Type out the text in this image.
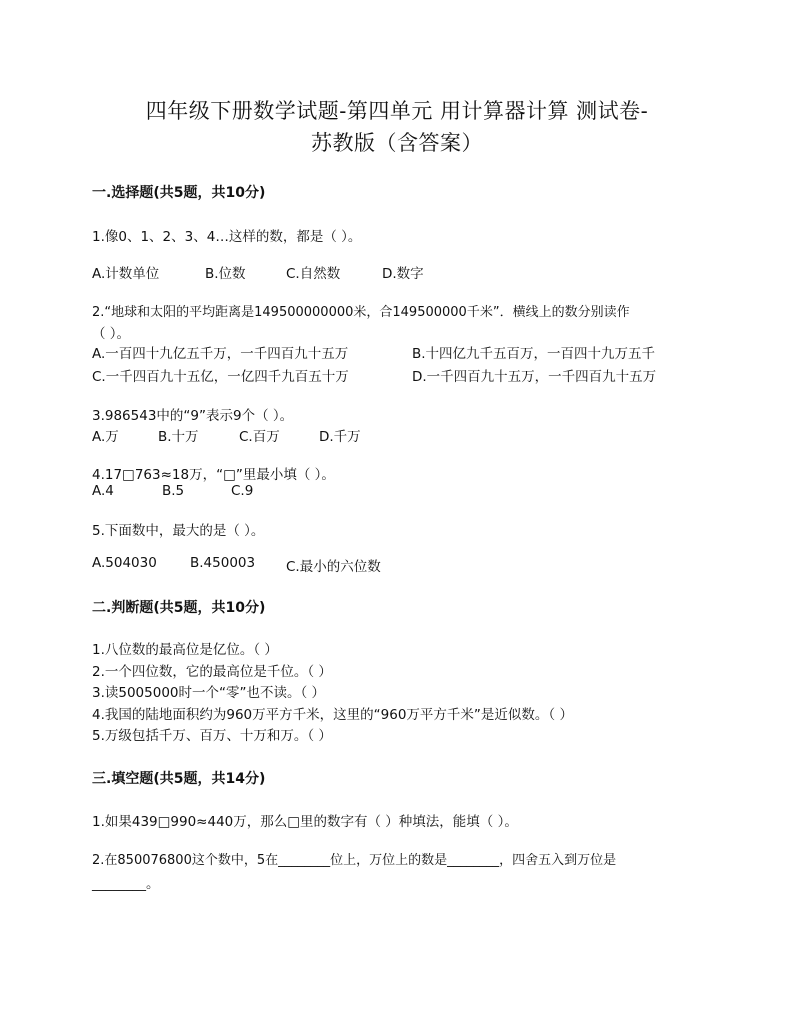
四年级下册数学试题-第四单元 用计算器计算 测试卷-
苏教版（含答案）
一.选择题(共5题，共10分)
1.像0、1、2、3、4…这样的数，都是（ ）。
A.计数单位	B.位数	C.自然数	D.数字
2.“地球和太阳的平均距离是149500000000米，合149500000千米”．横线上的数分别读作
（ ）。
A.一百四十九亿五千万，一千四百九十五万	B.十四亿九千五百万，一百四十九万五千
C.一千四百九十五亿，一亿四千九百五十万	D.一千四百九十五万，一千四百九十五万
3.986543中的“9”表示9个（ ）。
A.万	B.十万	C.百万	D.千万
4.17□763≈18万，“□”里最小填（ ）。
A.4	B.5	C.9
5.下面数中，最大的是（ ）。
A.504030 B.450003 C.最小的六位数
二.判断题(共5题，共10分)
1.八位数的最高位是亿位。（ ）
2.一个四位数，它的最高位是千位。（ ）
3.读5005000时一个“零”也不读。（ ）
4.我国的陆地面积约为960万平方千米，这里的“960万平方千米”是近似数。（ ）
5.万级包括千万、百万、十万和万。（ ）
三.填空题(共5题，共14分)
1.如果439□990≈440万，那么□里的数字有（ ）种填法，能填（ ）。
2.在850076800这个数中，5在________位上，万位上的数是________，四舍五入到万位是
________。
